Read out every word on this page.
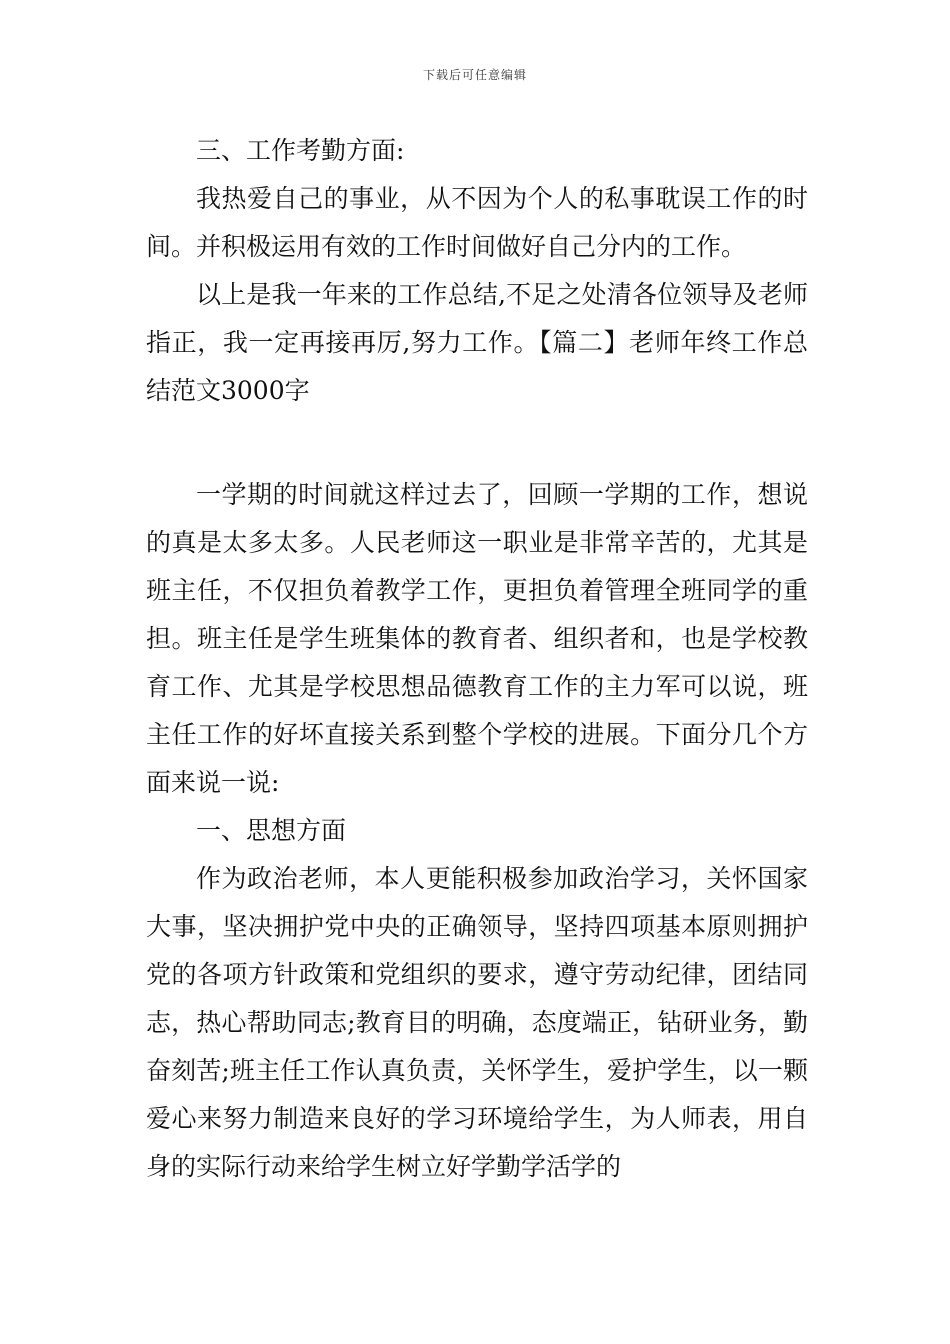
下载后可任意编辑

三、工作考勤方面:

我热爱自己的事业，从不因为个人的私事耽误工作的时间。并积极运用有效的工作时间做好自己分内的工作。

以上是我一年来的工作总结,不足之处清各位领导及老师指正，我一定再接再厉,努力工作。【篇二】老师年终工作总结范文3000字

一学期的时间就这样过去了，回顾一学期的工作，想说的真是太多太多。人民老师这一职业是非常辛苦的，尤其是班主任，不仅担负着教学工作，更担负着管理全班同学的重担。班主任是学生班集体的教育者、组织者和，也是学校教育工作、尤其是学校思想品德教育工作的主力军可以说，班主任工作的好坏直接关系到整个学校的进展。下面分几个方面来说一说:

一、思想方面

作为政治老师，本人更能积极参加政治学习，关怀国家大事，坚决拥护党中央的正确领导，坚持四项基本原则拥护党的各项方针政策和党组织的要求，遵守劳动纪律，团结同志，热心帮助同志;教育目的明确，态度端正，钻研业务，勤奋刻苦;班主任工作认真负责，关怀学生，爱护学生，以一颗爱心来努力制造来良好的学习环境给学生，为人师表，用自身的实际行动来给学生树立好学勤学活学的
